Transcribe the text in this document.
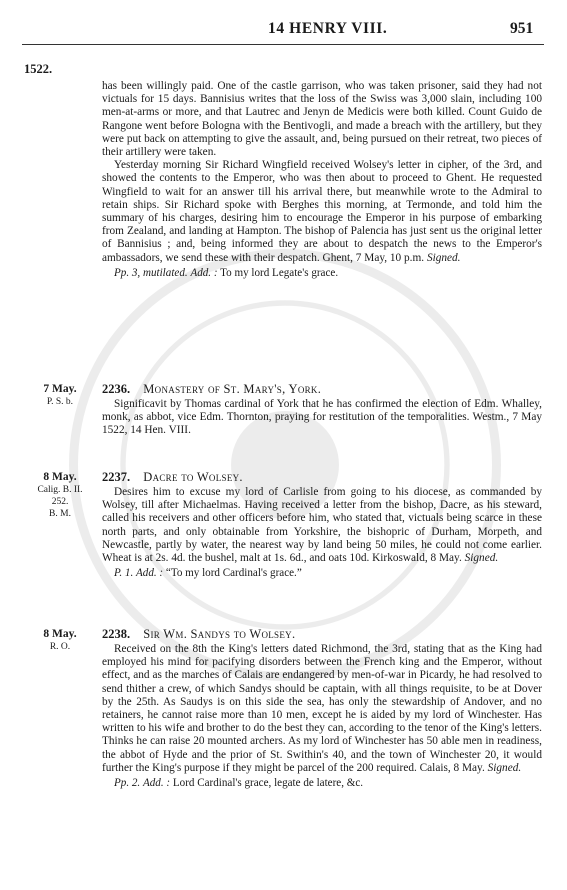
14 HENRY VIII.	951
1522.

has been willingly paid. One of the castle garrison, who was taken prisoner, said they had not victuals for 15 days. Bannisius writes that the loss of the Swiss was 3,000 slain, including 100 men-at-arms or more, and that Lautrec and Jenyn de Medicis were both killed. Count Guido de Rangone went before Bologna with the Bentivogli, and made a breach with the artillery, but they were put back on attempting to give the assault, and, being pursued on their retreat, two pieces of their artillery were taken.

Yesterday morning Sir Richard Wingfield received Wolsey's letter in cipher, of the 3rd, and showed the contents to the Emperor, who was then about to proceed to Ghent. He requested Wingfield to wait for an answer till his arrival there, but meanwhile wrote to the Admiral to retain ships. Sir Richard spoke with Berghes this morning, at Termonde, and told him the summary of his charges, desiring him to encourage the Emperor in his purpose of embarking from Zealand, and landing at Hampton. The bishop of Palencia has just sent us the original letter of Bannisius ; and, being informed they are about to despatch the news to the Emperor's ambassadors, we send these with their despatch. Ghent, 7 May, 10 p.m. Signed.

Pp. 3, mutilated. Add. : To my lord Legate's grace.

7 May.
P. S. b.
2236. Monastery of St. Mary's, York.

Significavit by Thomas cardinal of York that he has confirmed the election of Edm. Whalley, monk, as abbot, vice Edm. Thornton, praying for restitution of the temporalities. Westm., 7 May 1522, 14 Hen. VIII.

8 May.
Calig. B. II.
252.
B. M.
2237. Dacre to Wolsey.

Desires him to excuse my lord of Carlisle from going to his diocese, as commanded by Wolsey, till after Michaelmas. Having received a letter from the bishop, Dacre, as his steward, called his receivers and other officers before him, who stated that, victuals being scarce in these north parts, and only obtainable from Yorkshire, the bishopric of Durham, Morpeth, and Newcastle, partly by water, the nearest way by land being 50 miles, he could not come earlier. Wheat is at 2s. 4d. the bushel, malt at 1s. 6d., and oats 10d. Kirkoswald, 8 May. Signed.

P. 1. Add. : “To my lord Cardinal's grace.”

8 May.
R. O.
2238. Sir Wm. Sandys to Wolsey.

Received on the 8th the King's letters dated Richmond, the 3rd, stating that as the King had employed his mind for pacifying disorders between the French king and the Emperor, without effect, and as the marches of Calais are endangered by men-of-war in Picardy, he had resolved to send thither a crew, of which Sandys should be captain, with all things requisite, to be at Dover by the 25th. As Saudys is on this side the sea, has only the stewardship of Andover, and no retainers, he cannot raise more than 10 men, except he is aided by my lord of Winchester. Has written to his wife and brother to do the best they can, according to the tenor of the King's letters. Thinks he can raise 20 mounted archers. As my lord of Winchester has 50 able men in readiness, the abbot of Hyde and the prior of St. Swithin's 40, and the town of Winchester 20, it would further the King's purpose if they might be parcel of the 200 required. Calais, 8 May. Signed.

Pp. 2. Add. : Lord Cardinal's grace, legate de latere, &c.
